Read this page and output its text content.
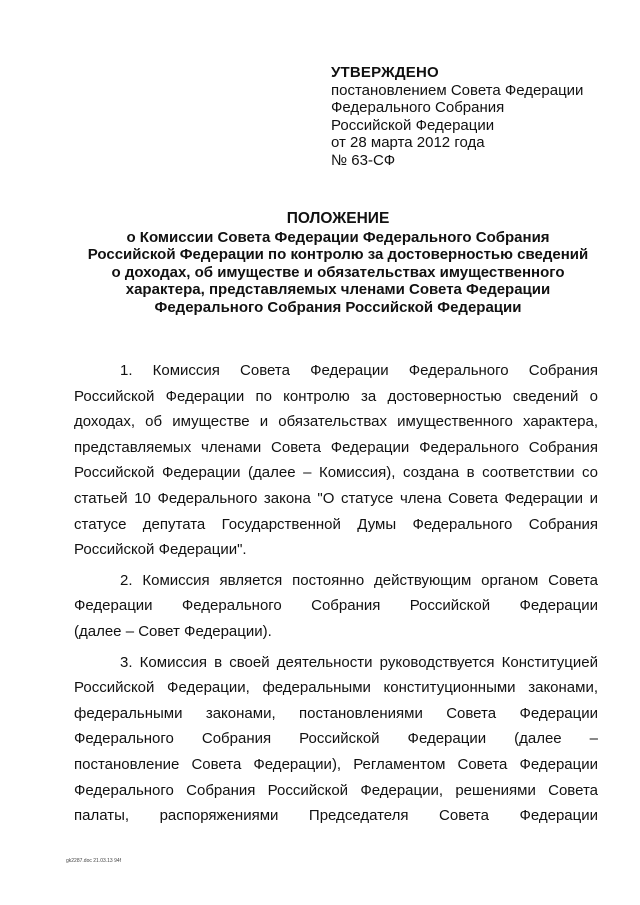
УТВЕРЖДЕНО
постановлением Совета Федерации
Федерального Собрания
Российской Федерации
от 28 марта 2012 года
№ 63-СФ
ПОЛОЖЕНИЕ
о Комиссии Совета Федерации Федерального Собрания
Российской Федерации по контролю за достоверностью сведений
о доходах, об имуществе и обязательствах имущественного
характера, представляемых членами Совета Федерации
Федерального Собрания Российской Федерации
1. Комиссия Совета Федерации Федерального Собрания
Российской Федерации по контролю за достоверностью сведений о
доходах, об имуществе и обязательствах имущественного характера,
представляемых членами Совета Федерации Федерального Собрания
Российской Федерации (далее – Комиссия), создана в соответствии со
статьей 10 Федерального закона "О статусе члена Совета Федерации и
статусе депутата Государственной Думы Федерального Собрания
Российской Федерации".
2. Комиссия является постоянно действующим органом Совета
Федерации Федерального Собрания Российской Федерации
(далее – Совет Федерации).
3. Комиссия в своей деятельности руководствуется Конституцией
Российской Федерации, федеральными конституционными законами,
федеральными законами, постановлениями Совета Федерации
Федерального Собрания Российской Федерации (далее –
постановление Совета Федерации), Регламентом Совета Федерации
Федерального Собрания Российской Федерации, решениями Совета
палаты, распоряжениями Председателя Совета Федерации
gk2287.doc 21.03.13 94f
